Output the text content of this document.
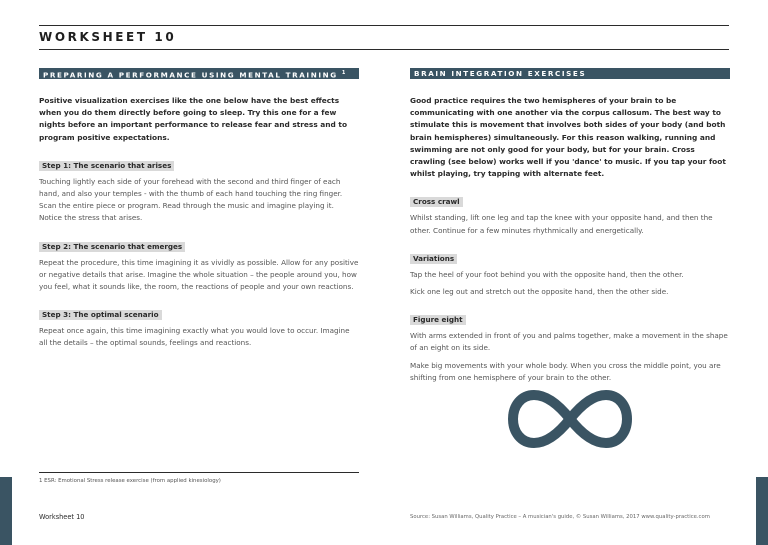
WORKSHEET 10
PREPARING A PERFORMANCE USING MENTAL TRAINING $^1$

Positive visualization exercises like the one below have the best effects when you do them directly before going to sleep. Try this one for a few nights before an important performance to release fear and stress and to program positive expectations.

Step 1: The scenario that arises

Touching lightly each side of your forehead with the second and third finger of each hand, and also your temples - with the thumb of each hand touching the ring finger. Scan the entire piece or program. Read through the music and imagine playing it. Notice the stress that arises.

Step 2: The scenario that emerges

Repeat the procedure, this time imagining it as vividly as possible. Allow for any positive or negative details that arise. Imagine the whole situation – the people around you, how you feel, what it sounds like, the room, the reactions of people and your own reactions.

Step 3: The optimal scenario

Repeat once again, this time imagining exactly what you would love to occur. Imagine all the details – the optimal sounds, feelings and reactions.

BRAIN INTEGRATION EXERCISES

Good practice requires the two hemispheres of your brain to be communicating with one another via the corpus callosum. The best way to stimulate this is movement that involves both sides of your body (and both brain hemispheres) simultaneously. For this reason walking, running and swimming are not only good for your body, but for your brain. Cross crawling (see below) works well if you 'dance' to music. If you tap your foot whilst playing, try tapping with alternate feet.

Cross crawl

Whilst standing, lift one leg and tap the knee with your opposite hand, and then the other. Continue for a few minutes rhythmically and energetically.

Variations

Tap the heel of your foot behind you with the opposite hand, then the other.

Kick one leg out and stretch out the opposite hand, then the other side.

Figure eight

With arms extended in front of you and palms together, make a movement in the shape of an eight on its side.

Make big movements with your whole body. When you cross the middle point, you are shifting from one hemisphere of your brain to the other.

1 ESR: Emotional Stress release exercise (from applied kinesiology)
Worksheet 10	Source: Susan Williams, Quality Practice – A musician's guide, © Susan Williams, 2017 www.quality-practice.com
